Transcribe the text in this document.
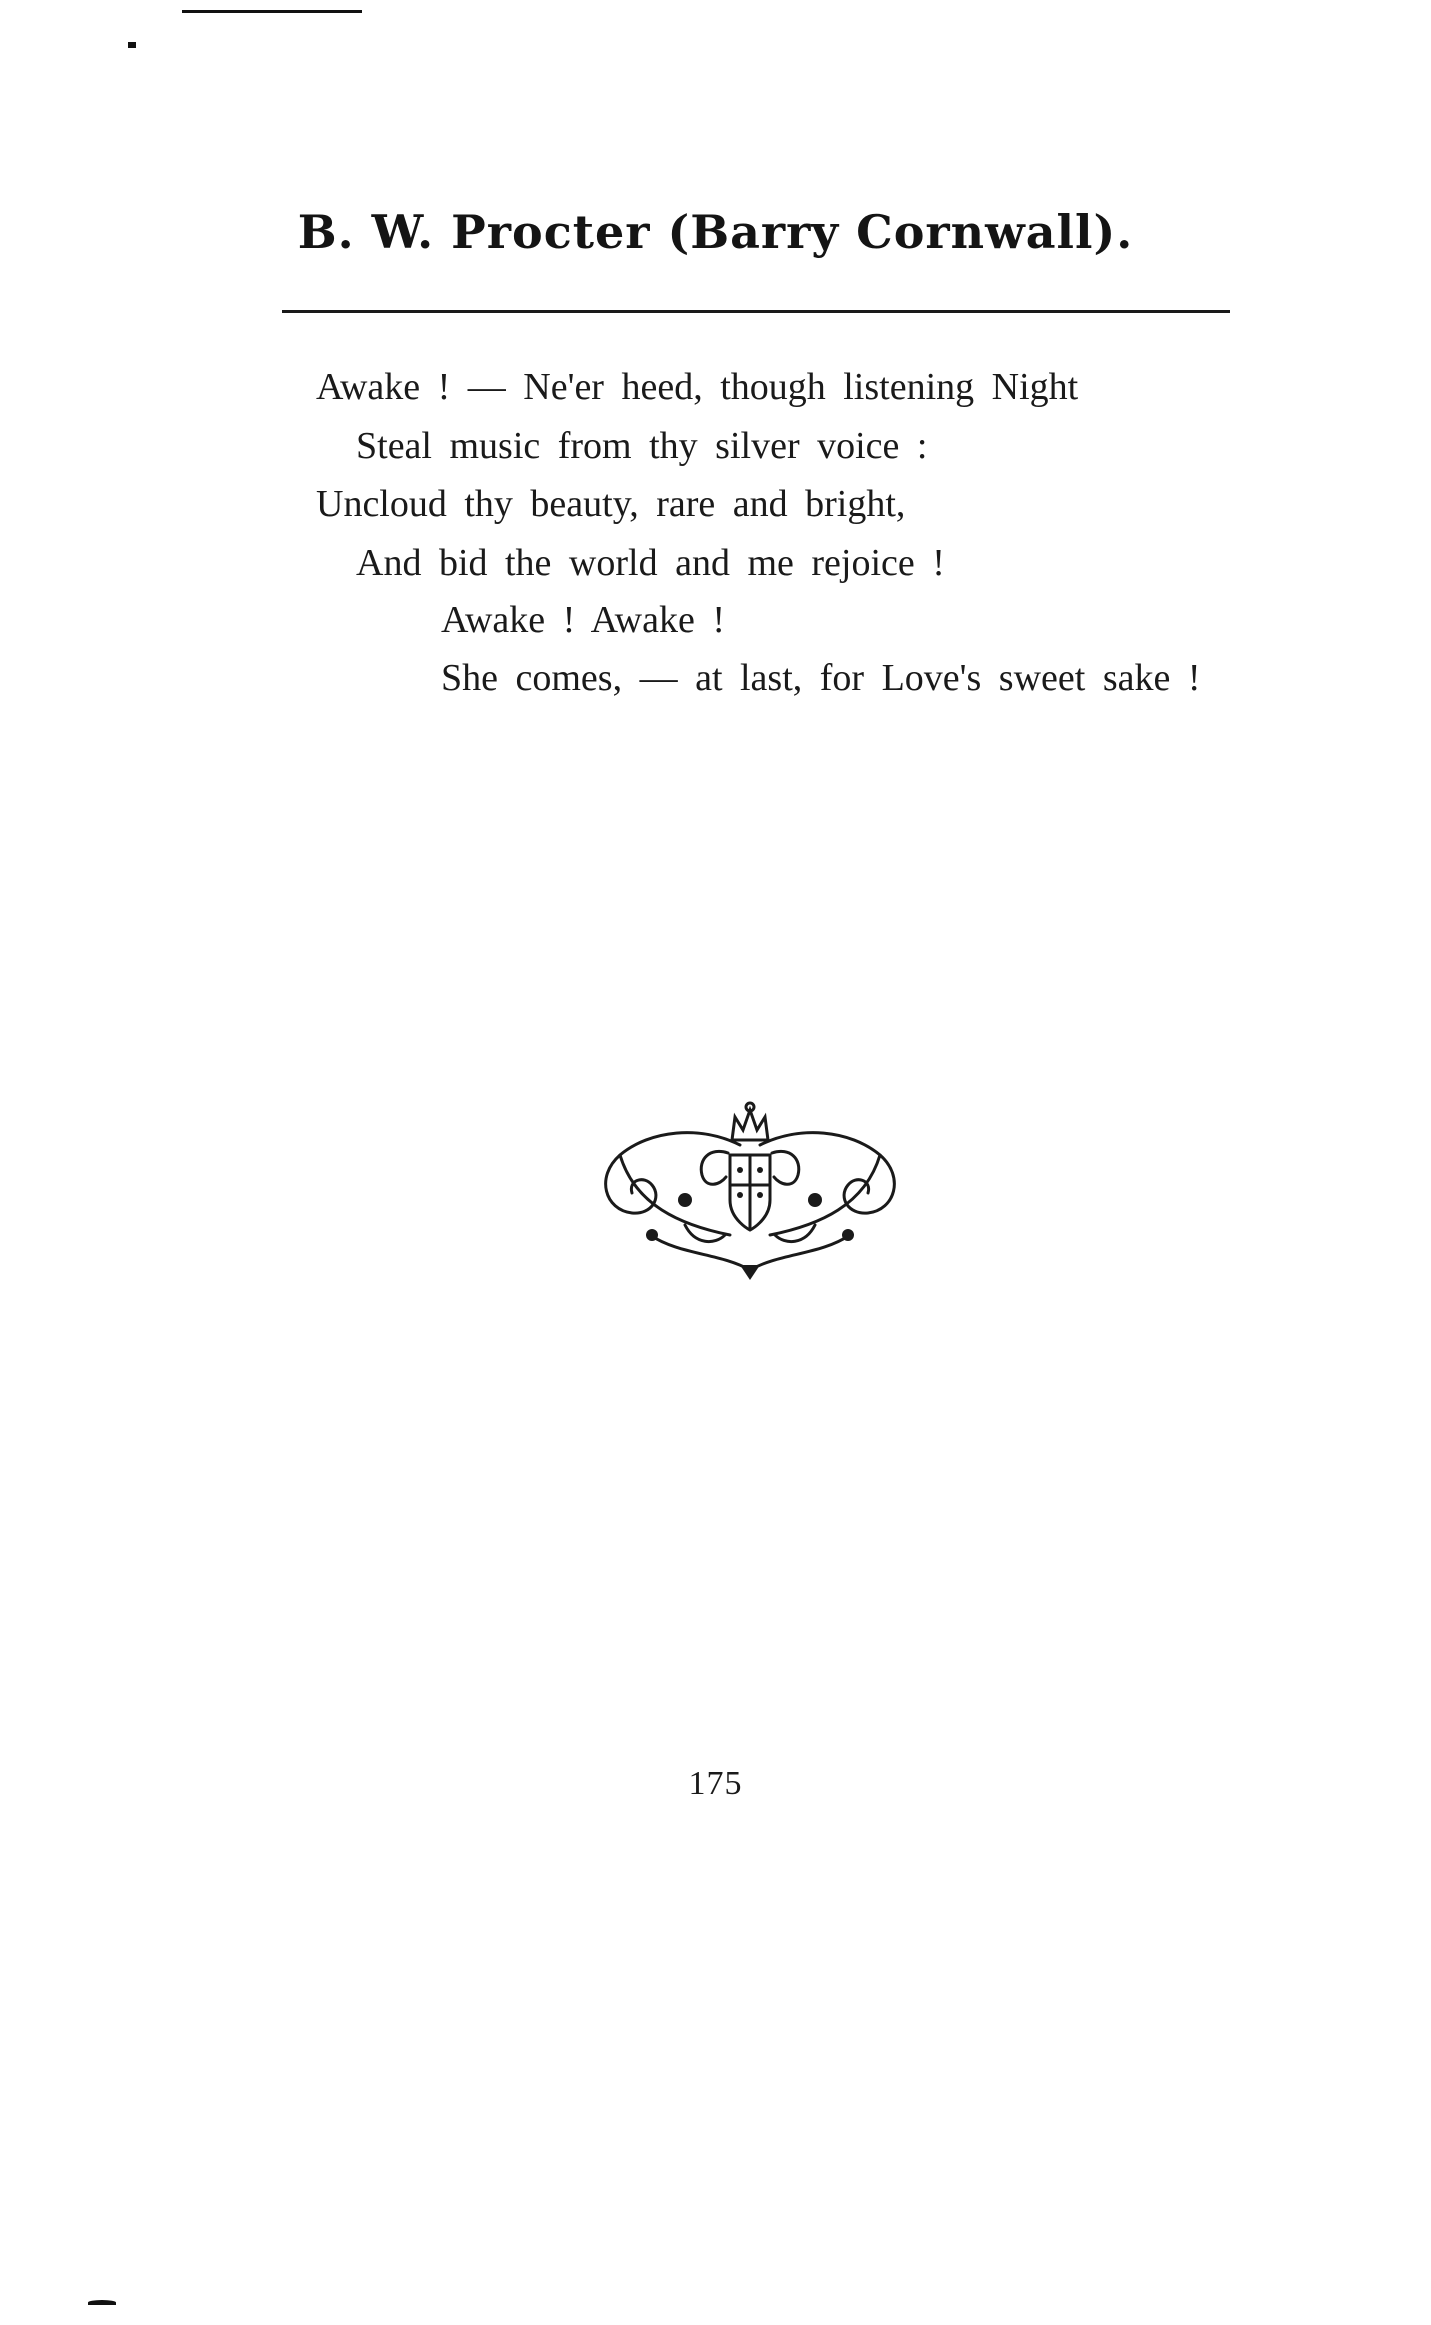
B. W. Procter (Barry Cornwall).
Awake ! — Ne'er heed, though listening Night
Steal music from thy silver voice :
Uncloud thy beauty, rare and bright,
And bid the world and me rejoice !
Awake ! Awake !
She comes, — at last, for Love's sweet sake !
175
